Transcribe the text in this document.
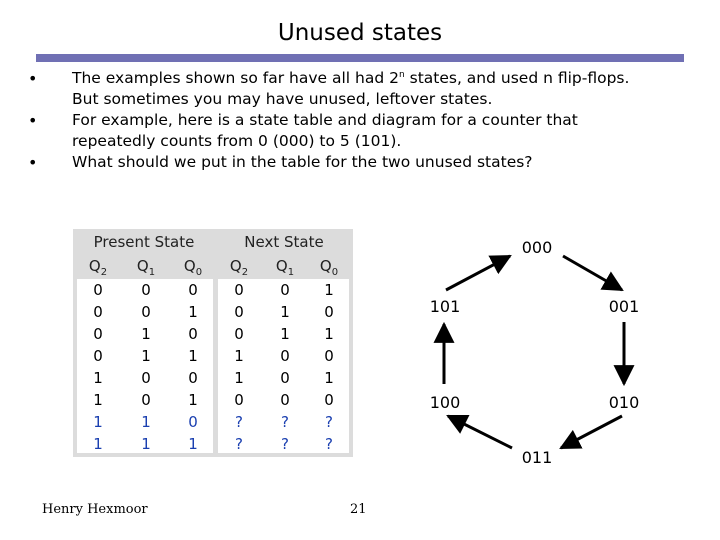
Unused states
• The examples shown so far have all had 2$^n$ states, and used n flip-flops.
But sometimes you may have unused, leftover states.
• For example, here is a state table and diagram for a counter that
repeatedly counts from 0 (000) to 5 (101).
• What should we put in the table for the two unused states?
Present State	Next State
$Q_2$	$Q_1$	$Q_0$	$Q_2$	$Q_1$	$Q_0$
0	0	0	0	0	1
0	0	1	0	1	0
0	1	0	0	1	1
0	1	1	1	0	0
1	0	0	1	0	1
1	0	1	0	0	0
1	1	0	?	?	?
1	1	1	?	?	?
000
001
010
011
100
101
Henry Hexmoor	21
